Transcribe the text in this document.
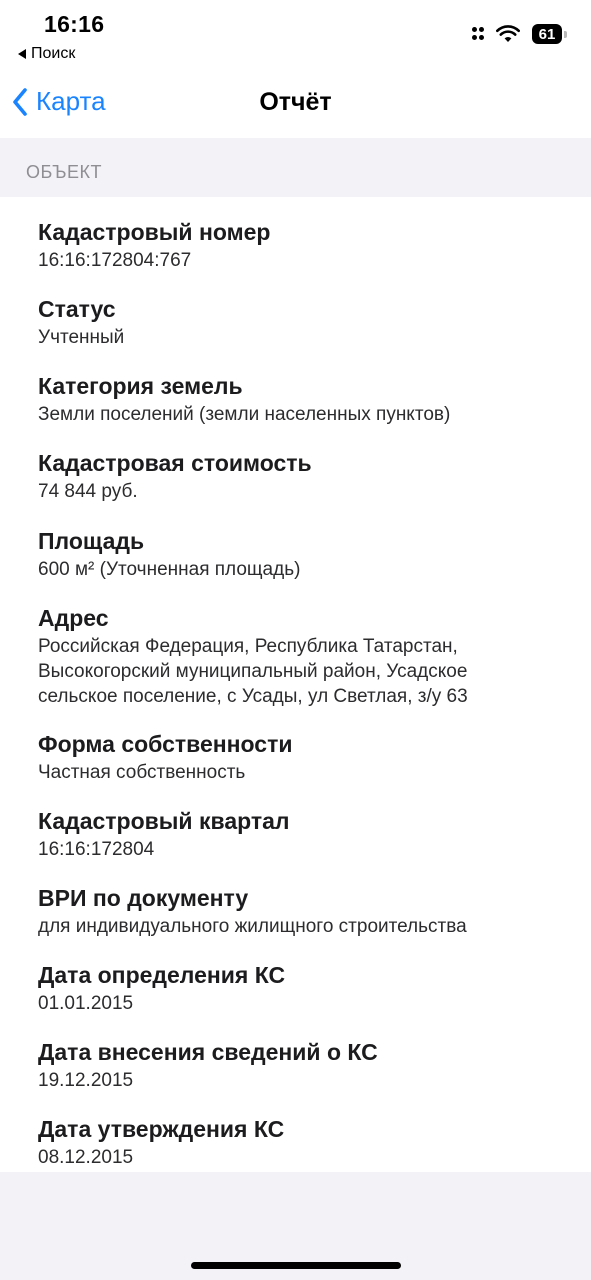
16:16
Поиск
61
Карта	Отчёт
ОБЪЕКТ
Кадастровый номер
16:16:172804:767
Статус
Учтенный
Категория земель
Земли поселений (земли населенных пунктов)
Кадастровая стоимость
74 844 руб.
Площадь
600 м² (Уточненная площадь)
Адрес
Российская Федерация, Республика Татарстан, Высокогорский муниципальный район, Усадское сельское поселение, с Усады, ул Светлая, з/у 63
Форма собственности
Частная собственность
Кадастровый квартал
16:16:172804
ВРИ по документу
для индивидуального жилищного строительства
Дата определения КС
01.01.2015
Дата внесения сведений о КС
19.12.2015
Дата утверждения КС
08.12.2015
